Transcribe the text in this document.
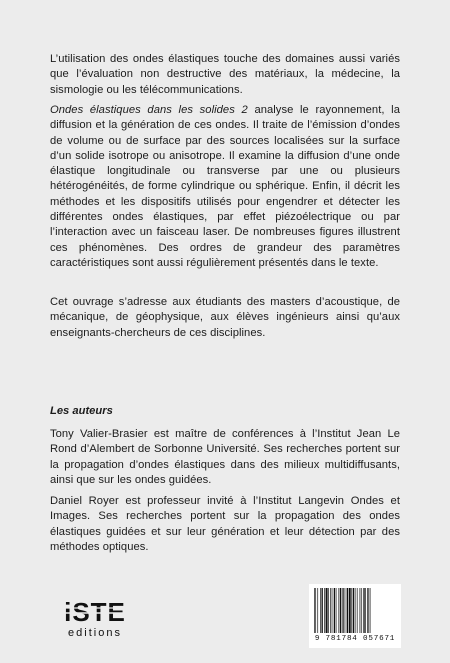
L’utilisation des ondes élastiques touche des domaines aussi variés que l’évaluation non destructive des matériaux, la médecine, la sismologie ou les télécommunications.

Ondes élastiques dans les solides 2 analyse le rayonnement, la diffusion et la génération de ces ondes. Il traite de l’émission d’ondes de volume ou de surface par des sources localisées sur la surface d’un solide isotrope ou anisotrope. Il examine la diffusion d’une onde élastique longitudinale ou transverse par une ou plusieurs hétérogénéités, de forme cylindrique ou sphérique. Enfin, il décrit les méthodes et les dispositifs utilisés pour engendrer et détecter les différentes ondes élastiques, par effet piézoélectrique ou par l’interaction avec un faisceau laser. De nombreuses figures illustrent ces phénomènes. Des ordres de grandeur des paramètres caractéristiques sont aussi régulièrement présentés dans le texte.

Cet ouvrage s’adresse aux étudiants des masters d’acoustique, de mécanique, de géophysique, aux élèves ingénieurs ainsi qu’aux enseignants-chercheurs de ces disciplines.

Les auteurs

Tony Valier-Brasier est maître de conférences à l’Institut Jean Le Rond d’Alembert de Sorbonne Université. Ses recherches portent sur la propagation d’ondes élastiques dans des milieux multidiffusants, ainsi que sur les ondes guidées.

Daniel Royer est professeur invité à l’Institut Langevin Ondes et Images. Ses recherches portent sur la propagation des ondes élastiques guidées et sur leur génération et leur détection par des méthodes optiques.

iSTE
editions	9 781784 057671
